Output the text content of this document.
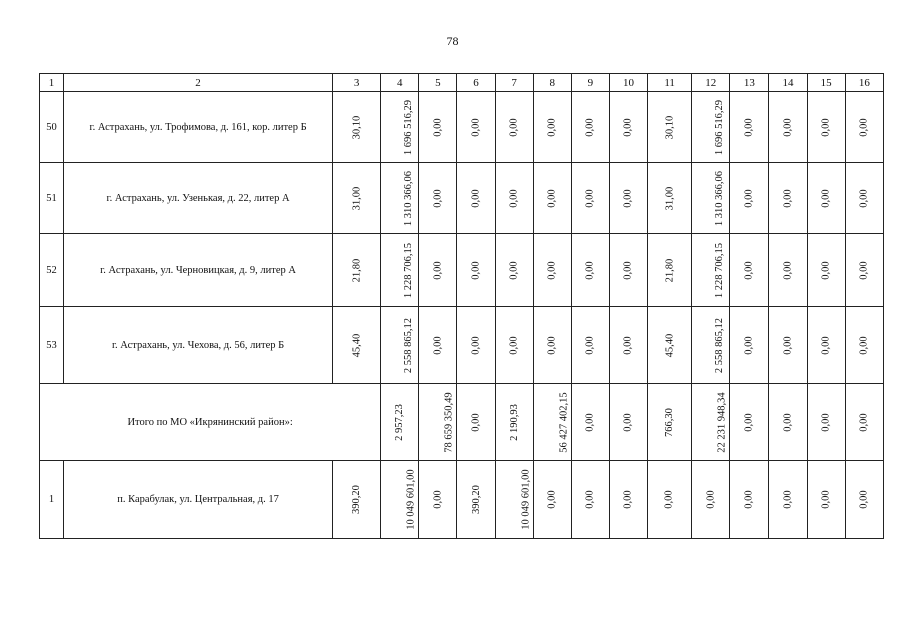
78
1	2	3	4	5	6	7	8	9	10	11	12	13	14	15	16
50	г. Астрахань, ул. Трофимова, д. 161, кор. литер Б	30,10	1 696 516,29	0,00	0,00	0,00	0,00	0,00	0,00	30,10	1 696 516,29	0,00	0,00	0,00	0,00
51	г. Астрахань, ул. Узенькая, д. 22, литер А	31,00	1 310 366,06	0,00	0,00	0,00	0,00	0,00	0,00	31,00	1 310 366,06	0,00	0,00	0,00	0,00
52	г. Астрахань, ул. Черновицкая, д. 9, литер А	21,80	1 228 706,15	0,00	0,00	0,00	0,00	0,00	0,00	21,80	1 228 706,15	0,00	0,00	0,00	0,00
53	г. Астрахань, ул. Чехова, д. 56, литер Б	45,40	2 558 865,12	0,00	0,00	0,00	0,00	0,00	0,00	45,40	2 558 865,12	0,00	0,00	0,00	0,00
Итого по МО «Икрянинский район»:			2 957,23	78 659 350,49	0,00	2 190,93	56 427 402,15	0,00	0,00	766,30	22 231 948,34	0,00	0,00	0,00	0,00
1	п. Карабулак, ул. Центральная, д. 17	390,20	10 049 601,00	0,00	390,20	10 049 601,00	0,00	0,00	0,00	0,00	0,00	0,00	0,00	0,00	0,00
